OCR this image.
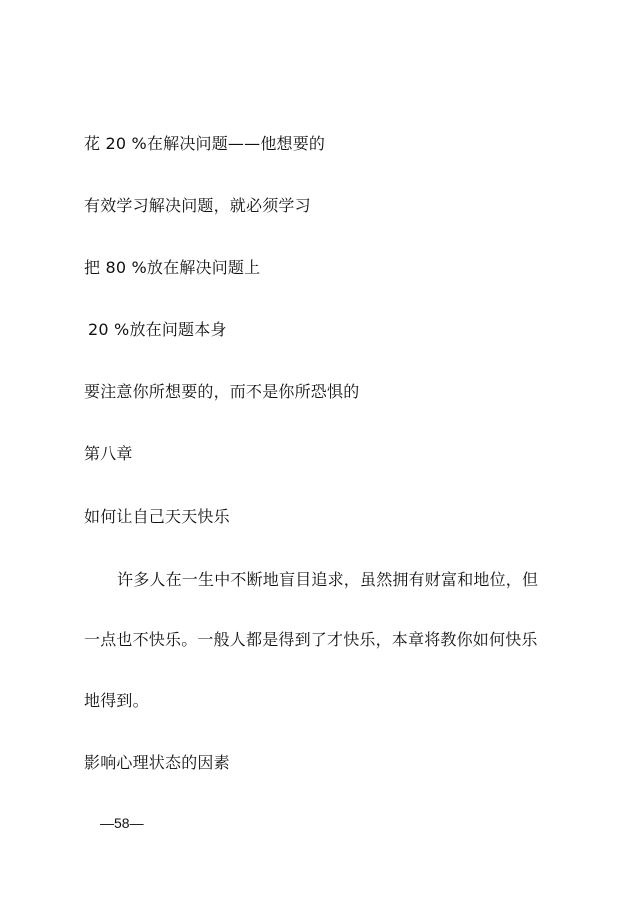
花 20 %在解决问题——他想要的
有效学习解决问题，就必须学习
把 80 %放在解决问题上
20 %放在问题本身
要注意你所想要的，而不是你所恐惧的
第八章
如何让自己天天快乐
许多人在一生中不断地盲目追求，虽然拥有财富和地位，但
一点也不快乐。一般人都是得到了才快乐，本章将教你如何快乐
地得到。
影响心理状态的因素
—58—
